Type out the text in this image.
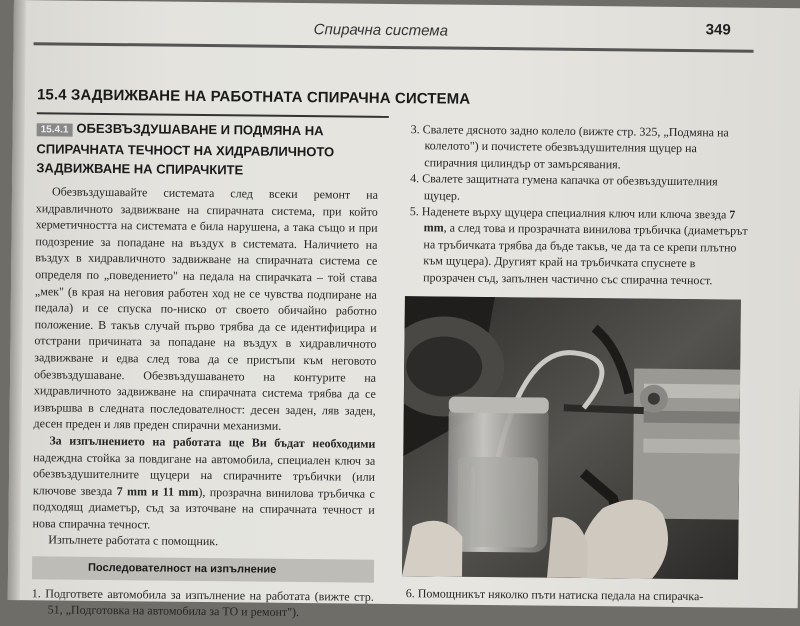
Спирачна система	349
15.4 ЗАДВИЖВАНЕ НА РАБОТНАТА СПИРАЧНА СИСТЕМА
15.4.1 ОБЕЗВЪЗДУШАВАНЕ И ПОДМЯНА НА СПИРАЧНАТА ТЕЧНОСТ НА ХИДРАВЛИЧНОТО ЗАДВИЖВАНЕ НА СПИРАЧКИТЕ

Обезвъздушавайте системата след всеки ремонт на хидравличното задвижване на спирачната система, при който херметичността на системата е била нарушена, а така също и при подозрение за попадане на въздух в системата. Наличието на въздух в хидравличното задвижване на спирачната система се определя по „поведението" на педала на спирачката – той става „мек" (в края на неговия работен ход не се чувства подпиране на педала) и се спуска по-ниско от своето обичайно работно положение. В такъв случай първо трябва да се идентифицира и отстрани причината за попадане на въздух в хидравличното задвижване и едва след това да се пристъпи към неговото обезвъздушаване. Обезвъздушаването на контурите на хидравличното задвижване на спирачната система трябва да се извършва в следната последователност: десен заден, ляв заден, десен преден и ляв преден спирачни механизми.

За изпълнението на работата ще Ви бъдат необходими надеждна стойка за повдигане на автомобила, специален ключ за обезвъздушителните щуцери на спирачните тръбички (или ключове звезда 7 mm и 11 mm), прозрачна винилова тръбичка с подходящ диаметър, съд за източване на спирачната течност и нова спирачна течност.

Изпълнете работата с помощник.

Последователност на изпълнение
1. Подгответе автомобила за изпълнение на работата (вижте стр. 51, „Подготовка на автомобила за ТО и ремонт").
3. Свалете дясното задно колело (вижте стр. 325, „Подмяна на колелото") и почистете обезвъздушителния щуцер на спирачния цилиндър от замърсявания.
4. Свалете защитната гумена капачка от обезвъздушителния щуцер.
5. Наденете върху щуцера специалния ключ или ключа звезда 7 mm, а след това и прозрачната винилова тръбичка (диаметърът на тръбичката трябва да бъде такъв, че да та се крепи плътно към щуцера). Другият край на тръбичката спуснете в прозрачен съд, запълнен частично със спирачна течност.
6. Помощникът няколко пъти натиска педала на спирачка-
